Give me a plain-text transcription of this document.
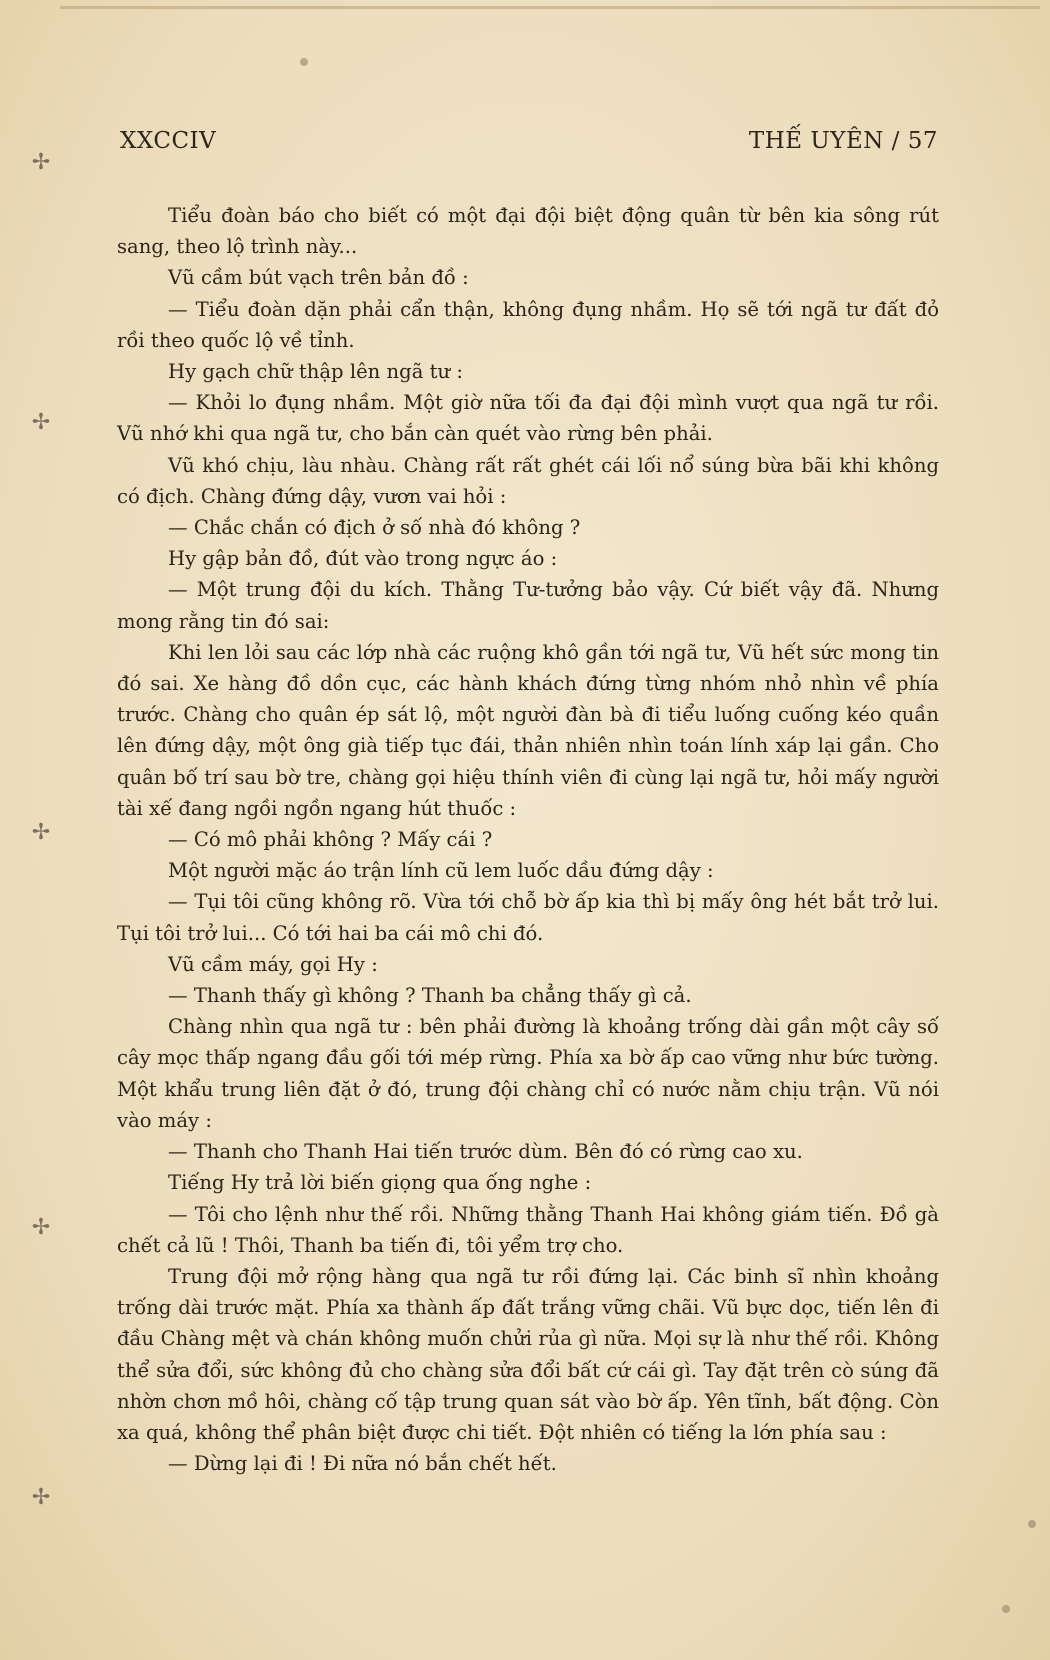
✢
✢
✢
✢
✢
XXCCIV	THẾ UYÊN / 57

Tiểu đoàn báo cho biết có một đại đội biệt động quân từ bên kia sông rút sang, theo lộ trình này...

Vũ cầm bút vạch trên bản đồ :

— Tiểu đoàn dặn phải cẩn thận, không đụng nhầm. Họ sẽ tới ngã tư đất đỏ rồi theo quốc lộ về tỉnh.

Hy gạch chữ thập lên ngã tư :

— Khỏi lo đụng nhầm. Một giờ nữa tối đa đại đội mình vượt qua ngã tư rồi. Vũ nhớ khi qua ngã tư, cho bắn càn quét vào rừng bên phải.

Vũ khó chịu, làu nhàu. Chàng rất rất ghét cái lối nổ súng bừa bãi khi không có địch. Chàng đứng dậy, vươn vai hỏi :

— Chắc chắn có địch ở số nhà đó không ?

Hy gập bản đồ, đút vào trong ngực áo :

— Một trung đội du kích. Thằng Tư-tưởng bảo vậy. Cứ biết vậy đã. Nhưng mong rằng tin đó sai:

Khi len lỏi sau các lớp nhà các ruộng khô gần tới ngã tư, Vũ hết sức mong tin đó sai. Xe hàng đồ dồn cục, các hành khách đứng từng nhóm nhỏ nhìn về phía trước. Chàng cho quân ép sát lộ, một người đàn bà đi tiểu luống cuống kéo quần lên đứng dậy, một ông già tiếp tục đái, thản nhiên nhìn toán lính xáp lại gần. Cho quân bố trí sau bờ tre, chàng gọi hiệu thính viên đi cùng lại ngã tư, hỏi mấy người tài xế đang ngồi ngồn ngang hút thuốc :

— Có mô phải không ? Mấy cái ?

Một người mặc áo trận lính cũ lem luốc dầu đứng dậy :

— Tụi tôi cũng không rõ. Vừa tới chỗ bờ ấp kia thì bị mấy ông hét bắt trở lui. Tụi tôi trở lui... Có tới hai ba cái mô chi đó.

Vũ cầm máy, gọi Hy :

— Thanh thấy gì không ? Thanh ba chẳng thấy gì cả.

Chàng nhìn qua ngã tư : bên phải đường là khoảng trống dài gần một cây số cây mọc thấp ngang đầu gối tới mép rừng. Phía xa bờ ấp cao vững như bức tường. Một khẩu trung liên đặt ở đó, trung đội chàng chỉ có nước nằm chịu trận. Vũ nói vào máy :

— Thanh cho Thanh Hai tiến trước dùm. Bên đó có rừng cao xu.

Tiếng Hy trả lời biến giọng qua ống nghe :

— Tôi cho lệnh như thế rồi. Những thằng Thanh Hai không giám tiến. Đồ gà chết cả lũ ! Thôi, Thanh ba tiến đi, tôi yểm trợ cho.

Trung đội mở rộng hàng qua ngã tư rồi đứng lại. Các binh sĩ nhìn khoảng trống dài trước mặt. Phía xa thành ấp đất trắng vững chãi. Vũ bực dọc, tiến lên đi đầu Chàng mệt và chán không muốn chửi rủa gì nữa. Mọi sự là như thế rồi. Không thể sửa đổi, sức không đủ cho chàng sửa đổi bất cứ cái gì. Tay đặt trên cò súng đã nhờn chơn mồ hôi, chàng cố tập trung quan sát vào bờ ấp. Yên tĩnh, bất động. Còn xa quá, không thể phân biệt được chi tiết. Đột nhiên có tiếng la lớn phía sau :

— Dừng lại đi ! Đi nữa nó bắn chết hết.
